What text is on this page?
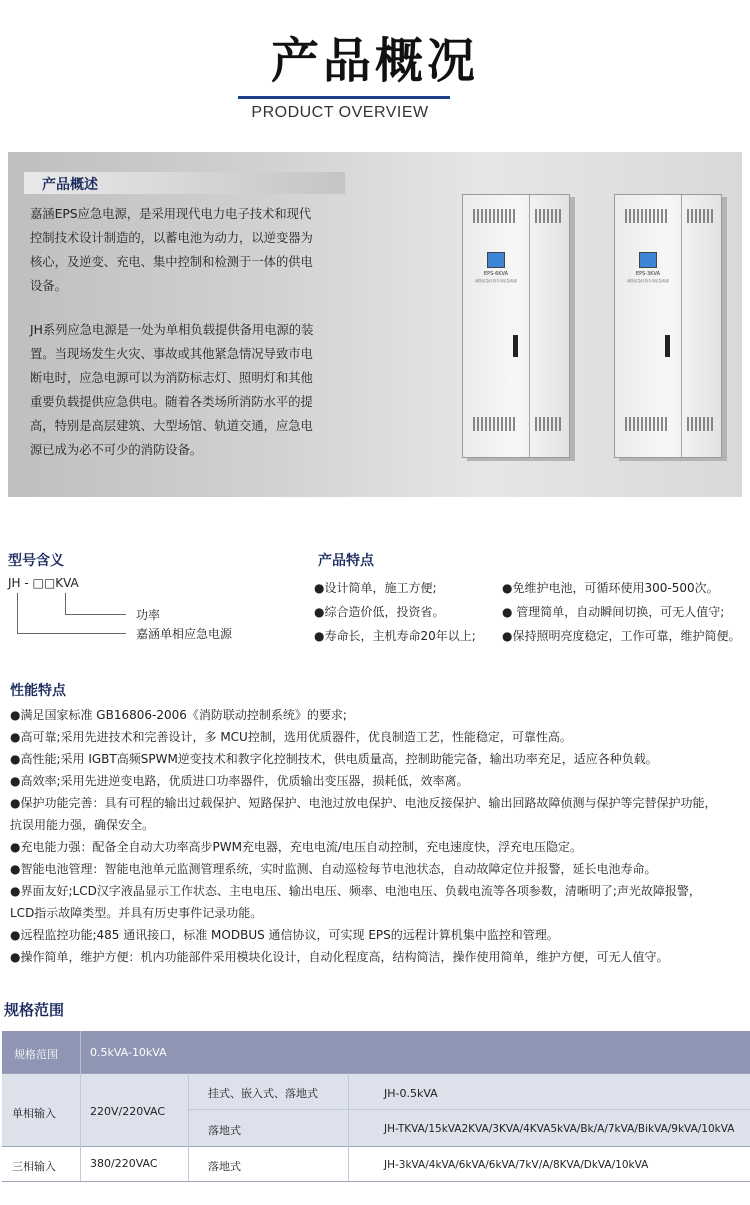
产品概况
PRODUCT OVERVIEW
产品概述
嘉涵EPS应急电源，是采用现代电力电子技术和现代
控制技术设计制造的，以蓄电池为动力，以逆变器为
核心，及逆变、充电、集中控制和检测于一体的供电
设备。
JH系列应急电源是一处为单相负载提供备用电源的装
置。当现场发生火灾、事故或其他紧急情况导致市电
断电时，应急电源可以为消防标志灯、照明灯和其他
重要负载提供应急供电。随着各类场所消防水平的提
高，特别是高层建筑、大型场馆、轨道交通，应急电
源已成为必不可少的消防设备。
EPS-6KVA
消防应急灯具专用应急电源
EPS-3KVA
消防应急灯具专用应急电源
型号含义
JH - □□KVA
功率
嘉涵单相应急电源
产品特点
●设计简单，施工方便;
●综合造价低，投资省。
●寿命长，主机寿命20年以上;
●免维护电池，可循环使用300-500次。
● 管理简单，自动瞬间切换，可无人值守;
●保持照明亮度稳定，工作可靠，维护简便。
性能特点
●满足国家标准 GB16806-2006《消防联动控制系统》的要求;
●高可靠;采用先进技术和完善设计，多 MCU控制，选用优质器件，优良制造工艺，性能稳定，可靠性高。
●高性能;采用 IGBT高频SPWM逆变技术和教字化控制技术，供电质量高，控制助能完备，输出功率充足，适应各种负载。
●高效率;采用先进逆变电路，优质进口功率器件，优质输出变压器，损耗低，效率离。
●保护功能完善：具有可程的输出过载保护、短路保护、电池过放电保护、电池反接保护、输出回路故障侦测与保护等完替保护功能，
抗误用能力强，确保安全。
●充电能力强：配备全自动大功率高步PWM充电器，充电电流/电压自动控制，充电速度快，浮充电压隐定。
●智能电池管理：智能电池单元监测管理系统，实时监测、自动巡检每节电池状态，自动故障定位并报警，延长电池寿命。
●界面友好;LCD汉字液晶显示工作状态、主电电压、输出电压、频率、电池电压、负载电流等各项参数，清晰明了;声光故障报警，
LCD指示故障类型。并具有历史事件记录功能。
●远程监控功能;485 通讯接口，标准 MODBUS 通信协议，可实现 EPS的远程计算机集中监控和管理。
●操作简单，维护方便：机内功能部件采用模块化设计，自动化程度高，结构简洁，操作使用简单，维护方便，可无人值守。
规格范围
规格范围	0.5kVA-10kVA
单相输入	220V/220VAC
挂式、嵌入式、落地式	JH-0.5kVA
落地式	JH-TKVA/15kVA2KVA/3KVA/4KVA5kVA/Bk/A/7kVA/BikVA/9kVA/10kVA
三相输入	380/220VAC	落地式	JH-3kVA/4kVA/6kVA/6kVA/7kV/A/8KVA/DkVA/10kVA
